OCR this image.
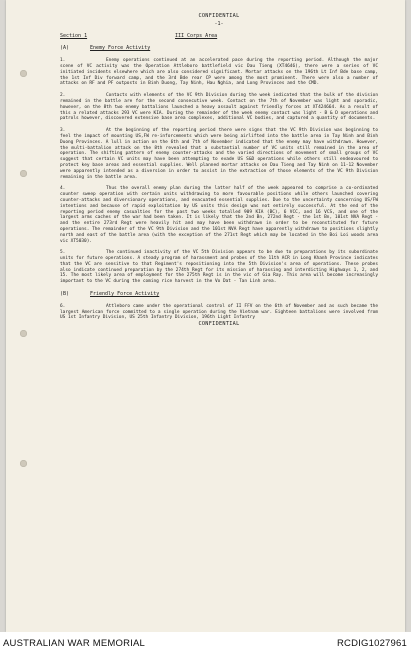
CONFIDENTIAL
-1-
Section 1	III Corps Area
(A)	Enemy Force Activity
1.	Enemy operations continued at an accelerated pace during the reporting period. Although the major scene of VC activity was the Operation Attleboro battlefield vic Dau Tieng (XT4646), there were a series of VC initiated incidents elsewhere which are also considered significant. Mortar attacks on the 196th Lt Inf Bde base camp, the 1st Inf Div forward camp, and the 3rd Bde rear CP were among the most prominent. There were also a number of attacks on RF and PF outposts in Binh Duong, Tay Ninh, Hau Nghia, and Long Provinces and the CMD.
2.	Contacts with elements of the VC 9th Division during the week indicated that the bulk of the division remained in the battle are for the second consecutive week. Contact on the 7th of November was light and sporadic, however, on the 8th two enemy battalions launched a heavy assault against friendly forces at XT424664. As a result of this a related attacks 293 VC were KIA. During the remainder of the week enemy contact was light - B & D operations and patrols however, discovered extensive base area complexes, additional VC bodies, and captured a quantity of documents.
3.	At the beginning of the reporting period there were signs that the VC 9th Division was beginning to feel the impact of mounting US,FW re-inforcements which were being airlifted into the battle area in Tay Ninh and Binh Duong Provinces. A lull in action on the 6th and 7th of November indicated that the enemy may have withdrawn. However, the multi-battalion attack on the 8th revealed that a substantial number of VC units still remained in the area of operation. The shifting pattern of enemy counter-attacks and the varied directions of movement of small groups of VC suggest that certain VC units may have been attempting to evade US S&D operations while others still endeavoured to protect key base areas and essential supplies. Well planned mortar attacks on Dau Tieng and Tay Ninh on 11-12 November were apparently intended as a diversion in order to assist in the extraction of those elements of the VC 9th Division remaining in the battle area.
4.	Thus the overall enemy plan during the latter half of the week appeared to comprise a co-ordinated counter sweep operation with certain units withdrawing to more favourable positions while others launched covering counter-attacks and diversionary operations, and evacuated essential supplies. Due to the uncertainty concerning US/FW intentions and because of rapid exploitation by US units this design was not entirely successful. At the end of the reporting period enemy casualties for the past two weeks totalled 909 KIA (BC), 6 VCC, and 16 VCS, and one of the largest arms caches of the war had been taken. It is likely that the 2nd Bn, 272nd Regt - the 1st Bn, 101st NVA Regt - and the entire 273rd Regt were heavily hit and may have been withdrawn in order to be reconstituted for future operations. The remainder of the VC 9th Division and the 101st NVA Regt have apparently withdrawn to positions slightly north and east of the battle area (with the exception of the 271st Regt which may be located in the Boi Loi woods area vic XT5030).
5.	The continued inactivity of the VC 5th Division appears to be due to preparations by its subordinate units for future operations. A steady program of harassment and probes of the 11th ACR in Long Khanh Province indicates that the VC are sensitive to that Regiment's repositioning into the 5th Division's area of operations. These probes also indicate continued preparation by the 274th Regt for its mission of harassing and interdicting Highways 1, 2, and 15. The most likely area of employment for the 275th Regt is in the vic of Gia Ray. This area will become increasingly important to the VC during the coming rice harvest in the Vo Dat - Tan Linh area.
(B)	Friendly Force Activity
6.	Attleboro came under the operational control of II FFV on the 6th of November and as such became the largest American force committed to a single operation during the Vietnam war. Eighteen battalions were involved from US 1st Infantry Division, US 25th Infantry Division, 196th Light Infantry
CONFIDENTIAL
AUSTRALIAN WAR MEMORIAL	RCDIG1027961
